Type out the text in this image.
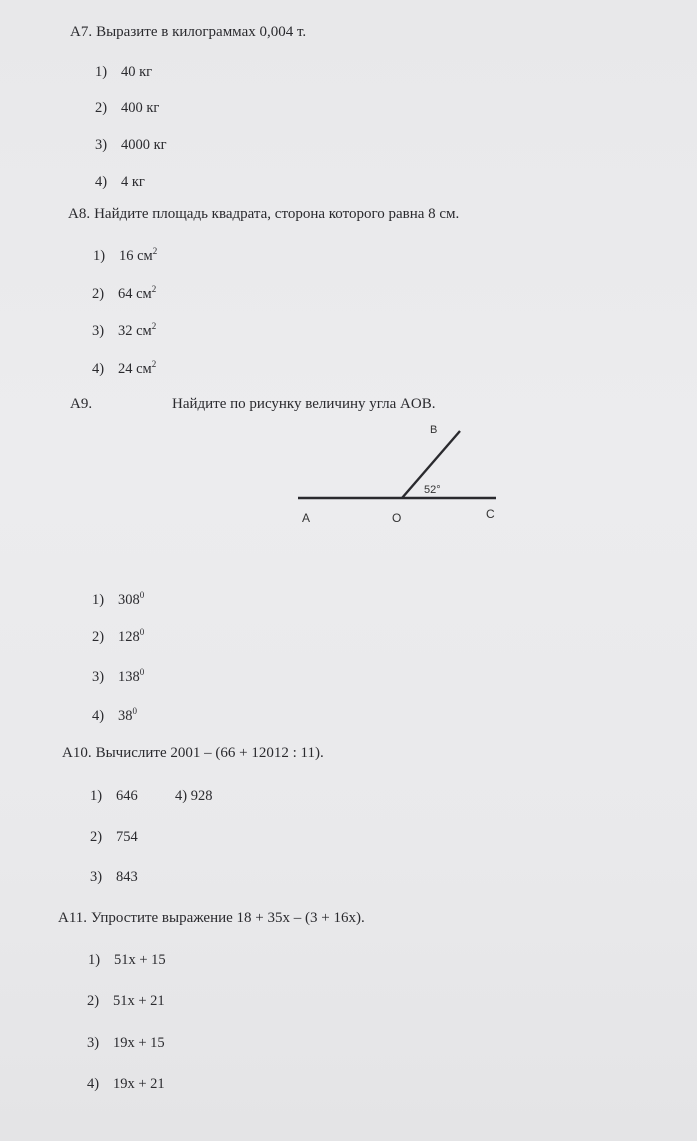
А7. Выразите в килограммах 0,004 т.
1) 40 кг
2) 400 кг
3) 4000 кг
4) 4 кг
А8. Найдите площадь квадрата, сторона которого равна 8 см.
1) 16 $см^2$
2) 64 $см^2$
3) 32 $см^2$
4) 24 $см^2$
А9.	Найдите по рисунку величину угла AOB.
B
52°
A	O	C
1) $308^0$
2) $128^0$
3) $138^0$
4) $38^0$
А10. Вычислите 2001 – (66 + 12012 : 11).
1) 646	4) 928
2) 754
3) 843
А11. Упростите выражение 18 + 35х – (3 + 16х).
1) 51х + 15
2) 51х + 21
3) 19х + 15
4) 19х + 21
